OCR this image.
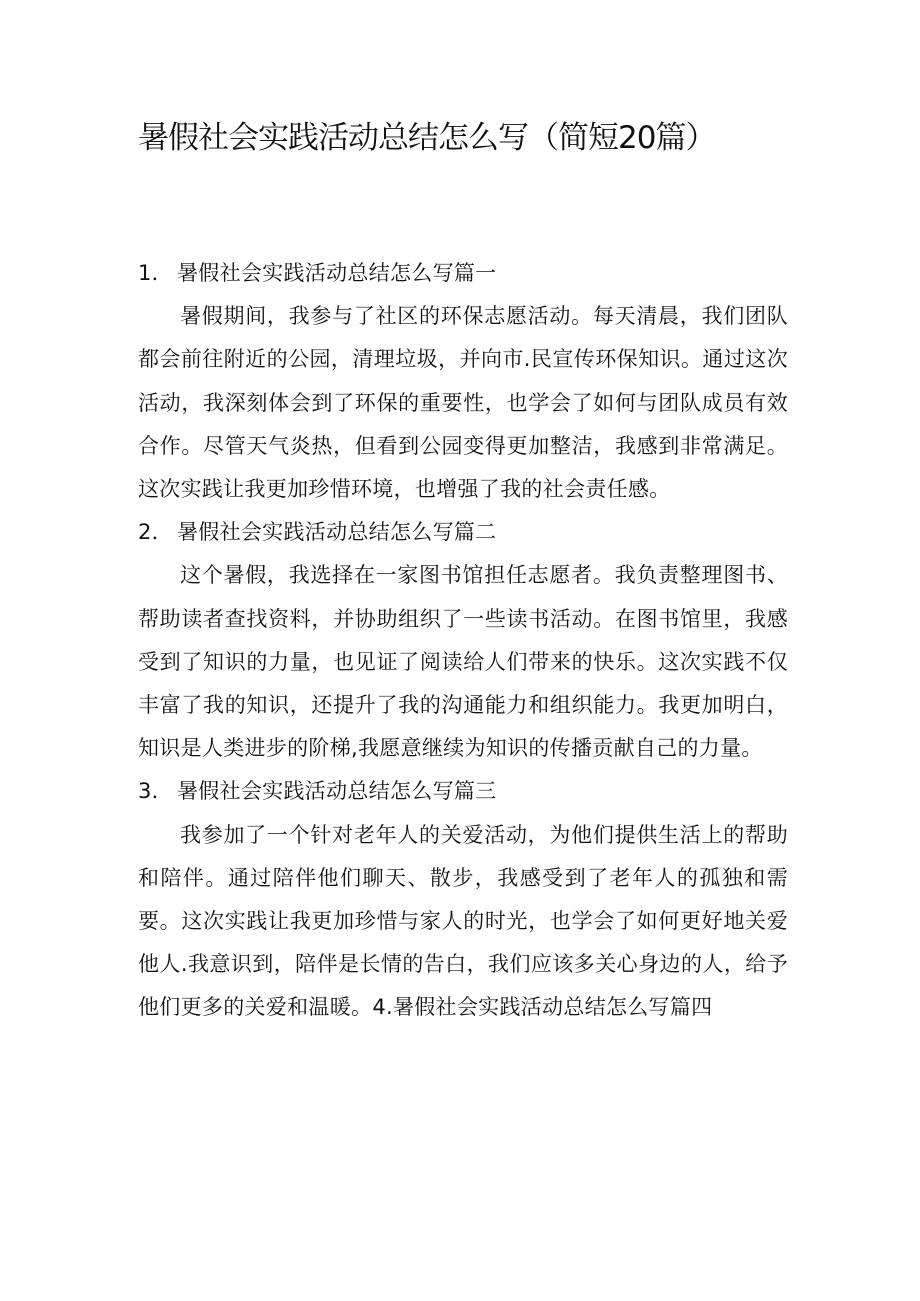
暑假社会实践活动总结怎么写（简短20篇）
1． 暑假社会实践活动总结怎么写篇一

暑假期间，我参与了社区的环保志愿活动。每天清晨，我们团队都会前往附近的公园，清理垃圾，并向市.民宣传环保知识。通过这次活动，我深刻体会到了环保的重要性，也学会了如何与团队成员有效合作。尽管天气炎热，但看到公园变得更加整洁，我感到非常满足。这次实践让我更加珍惜环境，也增强了我的社会责任感。

2． 暑假社会实践活动总结怎么写篇二

这个暑假，我选择在一家图书馆担任志愿者。我负责整理图书、帮助读者查找资料，并协助组织了一些读书活动。在图书馆里，我感受到了知识的力量，也见证了阅读给人们带来的快乐。这次实践不仅丰富了我的知识，还提升了我的沟通能力和组织能力。我更加明白，知识是人类进步的阶梯,我愿意继续为知识的传播贡献自己的力量。

3． 暑假社会实践活动总结怎么写篇三

我参加了一个针对老年人的关爱活动，为他们提供生活上的帮助和陪伴。通过陪伴他们聊天、散步，我感受到了老年人的孤独和需要。这次实践让我更加珍惜与家人的时光，也学会了如何更好地关爱他人.我意识到，陪伴是长情的告白，我们应该多关心身边的人，给予他们更多的关爱和温暖。4.暑假社会实践活动总结怎么写篇四
